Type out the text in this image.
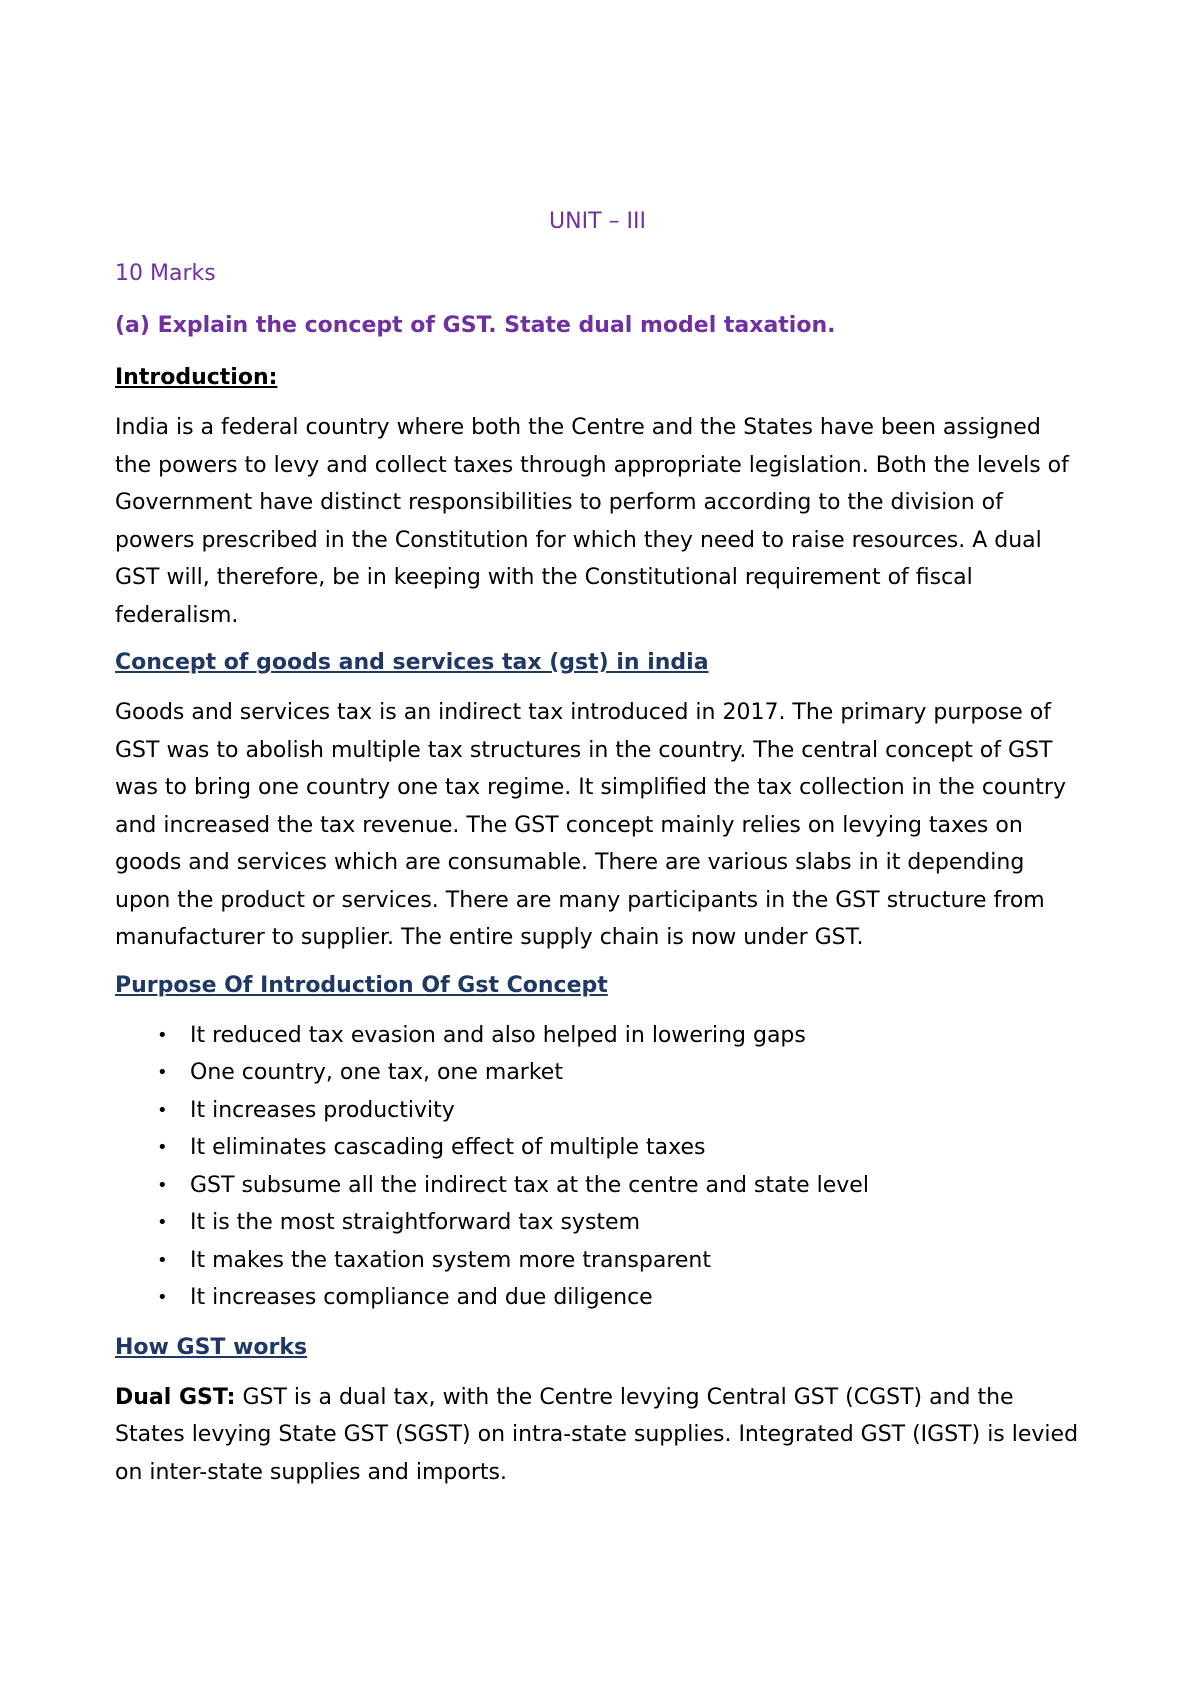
UNIT – III
10 Marks
(a) Explain the concept of GST. State dual model taxation.
Introduction:

India is a federal country where both the Centre and the States have been assigned the powers to levy and collect taxes through appropriate legislation. Both the levels of Government have distinct responsibilities to perform according to the division of powers prescribed in the Constitution for which they need to raise resources. A dual GST will, therefore, be in keeping with the Constitutional requirement of fiscal federalism.

Concept of goods and services tax (gst) in india

Goods and services tax is an indirect tax introduced in 2017. The primary purpose of GST was to abolish multiple tax structures in the country. The central concept of GST was to bring one country one tax regime. It simplified the tax collection in the country and increased the tax revenue. The GST concept mainly relies on levying taxes on goods and services which are consumable. There are various slabs in it depending upon the product or services. There are many participants in the GST structure from manufacturer to supplier. The entire supply chain is now under GST.

Purpose Of Introduction Of Gst Concept
• It reduced tax evasion and also helped in lowering gaps
• One country, one tax, one market
• It increases productivity
• It eliminates cascading effect of multiple taxes
• GST subsume all the indirect tax at the centre and state level
• It is the most straightforward tax system
• It makes the taxation system more transparent
• It increases compliance and due diligence
How GST works

Dual GST: GST is a dual tax, with the Centre levying Central GST (CGST) and the States levying State GST (SGST) on intra-state supplies. Integrated GST (IGST) is levied on inter-state supplies and imports.
